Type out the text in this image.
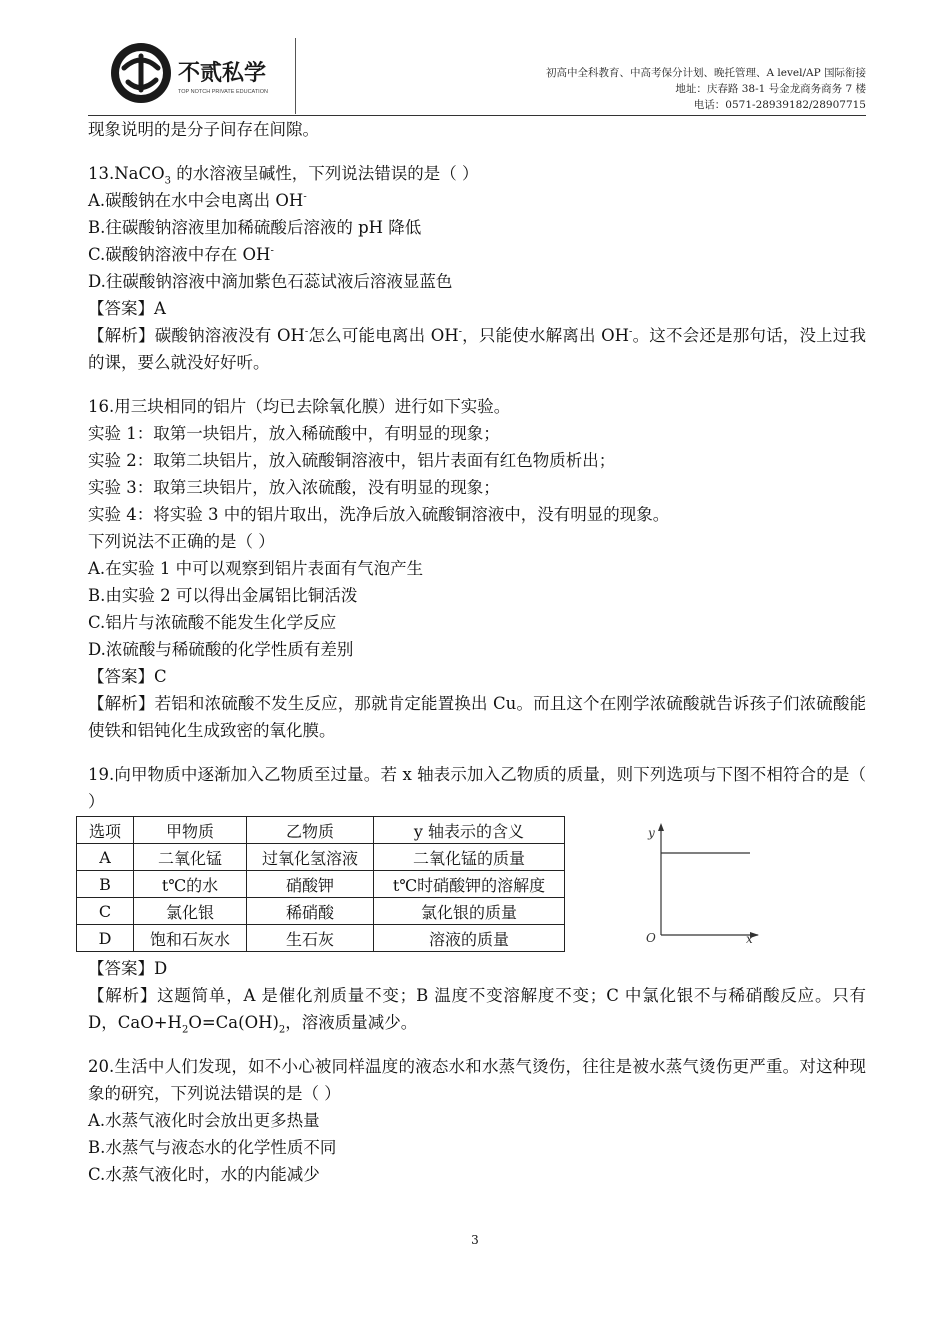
不贰私学
TOP NOTCH PRIVATE EDUCATION
初高中全科教育、中高考保分计划、晚托管理、A level/AP 国际衔接
地址：庆春路 38-1 号金龙商务商务 7 楼
电话：0571-28939182/28907715
现象说明的是分子间存在间隙。
13.NaCO$_3$ 的水溶液呈碱性，下列说法错误的是（ ）
A.碳酸钠在水中会电离出 OH-
B.往碳酸钠溶液里加稀硫酸后溶液的 pH 降低
C.碳酸钠溶液中存在 OH-
D.往碳酸钠溶液中滴加紫色石蕊试液后溶液显蓝色
【答案】A
【解析】碳酸钠溶液没有 OH-怎么可能电离出 OH-，只能使水解离出 OH-。这不会还是那句话，没上过我的课，要么就没好好听。
16.用三块相同的铝片（均已去除氧化膜）进行如下实验。
实验 1：取第一块铝片，放入稀硫酸中，有明显的现象；
实验 2：取第二块铝片，放入硫酸铜溶液中，铝片表面有红色物质析出；
实验 3：取第三块铝片，放入浓硫酸，没有明显的现象；
实验 4：将实验 3 中的铝片取出，洗净后放入硫酸铜溶液中，没有明显的现象。
下列说法不正确的是（ ）
A.在实验 1 中可以观察到铝片表面有气泡产生
B.由实验 2 可以得出金属铝比铜活泼
C.铝片与浓硫酸不能发生化学反应
D.浓硫酸与稀硫酸的化学性质有差别
【答案】C
【解析】若铝和浓硫酸不发生反应，那就肯定能置换出 Cu。而且这个在刚学浓硫酸就告诉孩子们浓硫酸能使铁和铝钝化生成致密的氧化膜。
19.向甲物质中逐渐加入乙物质至过量。若 x 轴表示加入乙物质的质量，则下列选项与下图不相符合的是（ ）
选项	甲物质	乙物质	y 轴表示的含义
A	二氧化锰	过氧化氢溶液	二氧化锰的质量
B	t℃的水	硝酸钾	t℃时硝酸钾的溶解度
C	氯化银	稀硝酸	氯化银的质量
D	饱和石灰水	生石灰	溶液的质量
y
x
O
【答案】D
【解析】这题简单，A 是催化剂质量不变；B 温度不变溶解度不变；C 中氯化银不与稀硝酸反应。只有 D，$CaO+H_2O=Ca(OH)_2$，溶液质量减少。
20.生活中人们发现，如不小心被同样温度的液态水和水蒸气烫伤，往往是被水蒸气烫伤更严重。对这种现象的研究，下列说法错误的是（ ）
A.水蒸气液化时会放出更多热量
B.水蒸气与液态水的化学性质不同
C.水蒸气液化时，水的内能减少
3
